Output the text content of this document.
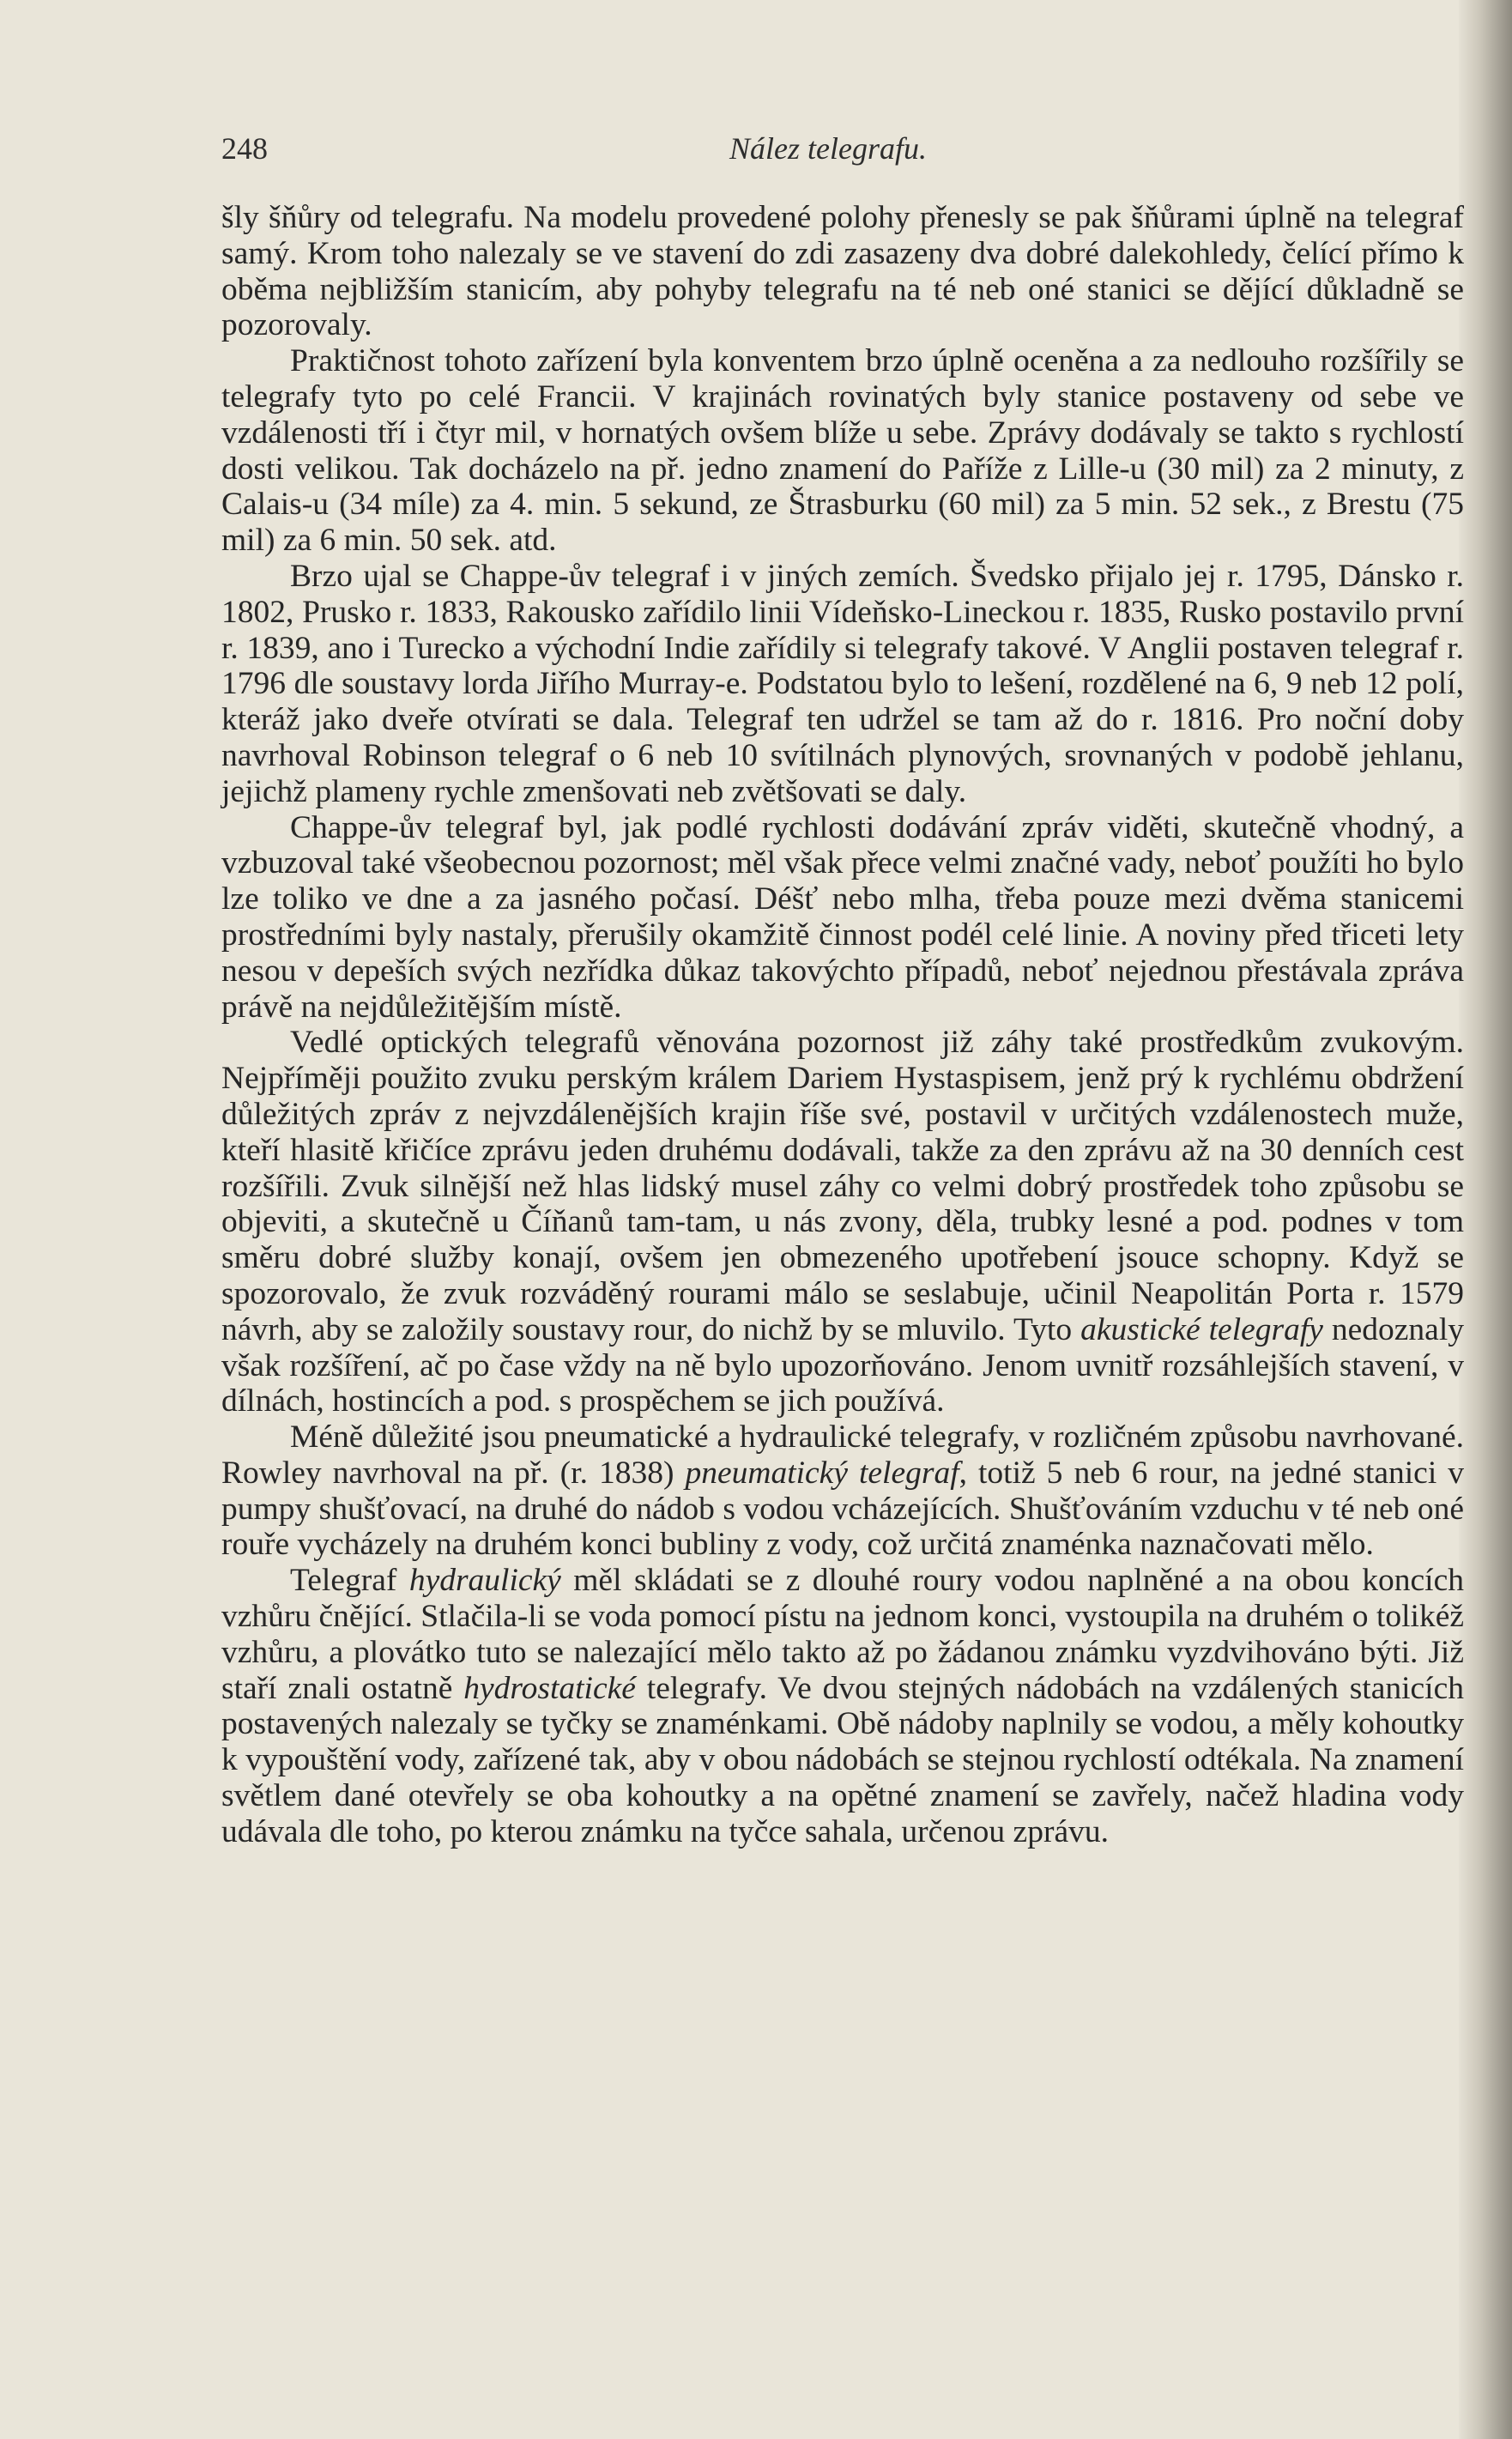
248	Nález telegrafu.

šly šňůry od telegrafu. Na modelu provedené polohy přenesly se pak šňůrami úplně na telegraf samý. Krom toho nalezaly se ve stavení do zdi zasazeny dva dobré dalekohledy, čelící přímo k oběma nejbližším stanicím, aby pohyby telegrafu na té neb oné stanici se dějící důkladně se pozorovaly.

Praktičnost tohoto zařízení byla konventem brzo úplně oceněna a za nedlouho rozšířily se telegrafy tyto po celé Francii. V krajinách rovinatých byly stanice postaveny od sebe ve vzdálenosti tří i čtyr mil, v hornatých ovšem blíže u sebe. Zprávy dodávaly se takto s rychlostí dosti velikou. Tak docházelo na př. jedno znamení do Paříže z Lille-u (30 mil) za 2 minuty, z Calais-u (34 míle) za 4. min. 5 sekund, ze Štrasburku (60 mil) za 5 min. 52 sek., z Brestu (75 mil) za 6 min. 50 sek. atd.

Brzo ujal se Chappe-ův telegraf i v jiných zemích. Švedsko přijalo jej r. 1795, Dánsko r. 1802, Prusko r. 1833, Rakousko zařídilo linii Vídeňsko-Lineckou r. 1835, Rusko postavilo první r. 1839, ano i Turecko a východní Indie zařídily si telegrafy takové. V Anglii postaven telegraf r. 1796 dle soustavy lorda Jiřího Murray-e. Podstatou bylo to lešení, rozdělené na 6, 9 neb 12 polí, kteráž jako dveře otvírati se dala. Telegraf ten udržel se tam až do r. 1816. Pro noční doby navrhoval Robinson telegraf o 6 neb 10 svítilnách plynových, srovnaných v podobě jehlanu, jejichž plameny rychle zmenšovati neb zvětšovati se daly.

Chappe-ův telegraf byl, jak podlé rychlosti dodávání zpráv viděti, skutečně vhodný, a vzbuzoval také všeobecnou pozornost; měl však přece velmi značné vady, neboť použíti ho bylo lze toliko ve dne a za jasného počasí. Déšť nebo mlha, třeba pouze mezi dvěma stanicemi prostředními byly nastaly, přerušily okamžitě činnost podél celé linie. A noviny před třiceti lety nesou v depeších svých nezřídka důkaz takovýchto případů, neboť nejednou přestávala zpráva právě na nejdůležitějším místě.

Vedlé optických telegrafů věnována pozornost již záhy také prostředkům zvukovým. Nejpříměji použito zvuku perským králem Dariem Hystaspisem, jenž prý k rychlému obdržení důležitých zpráv z nejvzdálenějších krajin říše své, postavil v určitých vzdálenostech muže, kteří hlasitě křičíce zprávu jeden druhému dodávali, takže za den zprávu až na 30 denních cest rozšířili. Zvuk silnější než hlas lidský musel záhy co velmi dobrý prostředek toho způsobu se objeviti, a skutečně u Číňanů tam-tam, u nás zvony, děla, trubky lesné a pod. podnes v tom směru dobré služby konají, ovšem jen obmezeného upotřebení jsouce schopny. Když se spozorovalo, že zvuk rozváděný rourami málo se seslabuje, učinil Neapolitán Porta r. 1579 návrh, aby se založily soustavy rour, do nichž by se mluvilo. Tyto akustické telegrafy nedoznaly však rozšíření, ač po čase vždy na ně bylo upozorňováno. Jenom uvnitř rozsáhlejších stavení, v dílnách, hostincích a pod. s prospěchem se jich používá.

Méně důležité jsou pneumatické a hydraulické telegrafy, v rozličném způsobu navrhované. Rowley navrhoval na př. (r. 1838) pneumatický telegraf, totiž 5 neb 6 rour, na jedné stanici v pumpy shušťovací, na druhé do nádob s vodou vcházejících. Shušťováním vzduchu v té neb oné rouře vycházely na druhém konci bubliny z vody, což určitá znaménka naznačovati mělo.

Telegraf hydraulický měl skládati se z dlouhé roury vodou naplněné a na obou koncích vzhůru čnějící. Stlačila-li se voda pomocí pístu na jednom konci, vystoupila na druhém o tolikéž vzhůru, a plovátko tuto se nalezající mělo takto až po žádanou známku vyzdvihováno býti. Již staří znali ostatně hydrostatické telegrafy. Ve dvou stejných nádobách na vzdálených stanicích postavených nalezaly se tyčky se znaménkami. Obě nádoby naplnily se vodou, a měly kohoutky k vypouštění vody, zařízené tak, aby v obou nádobách se stejnou rychlostí odtékala. Na znamení světlem dané otevřely se oba kohoutky a na opětné znamení se zavřely, načež hladina vody udávala dle toho, po kterou známku na tyčce sahala, určenou zprávu.
